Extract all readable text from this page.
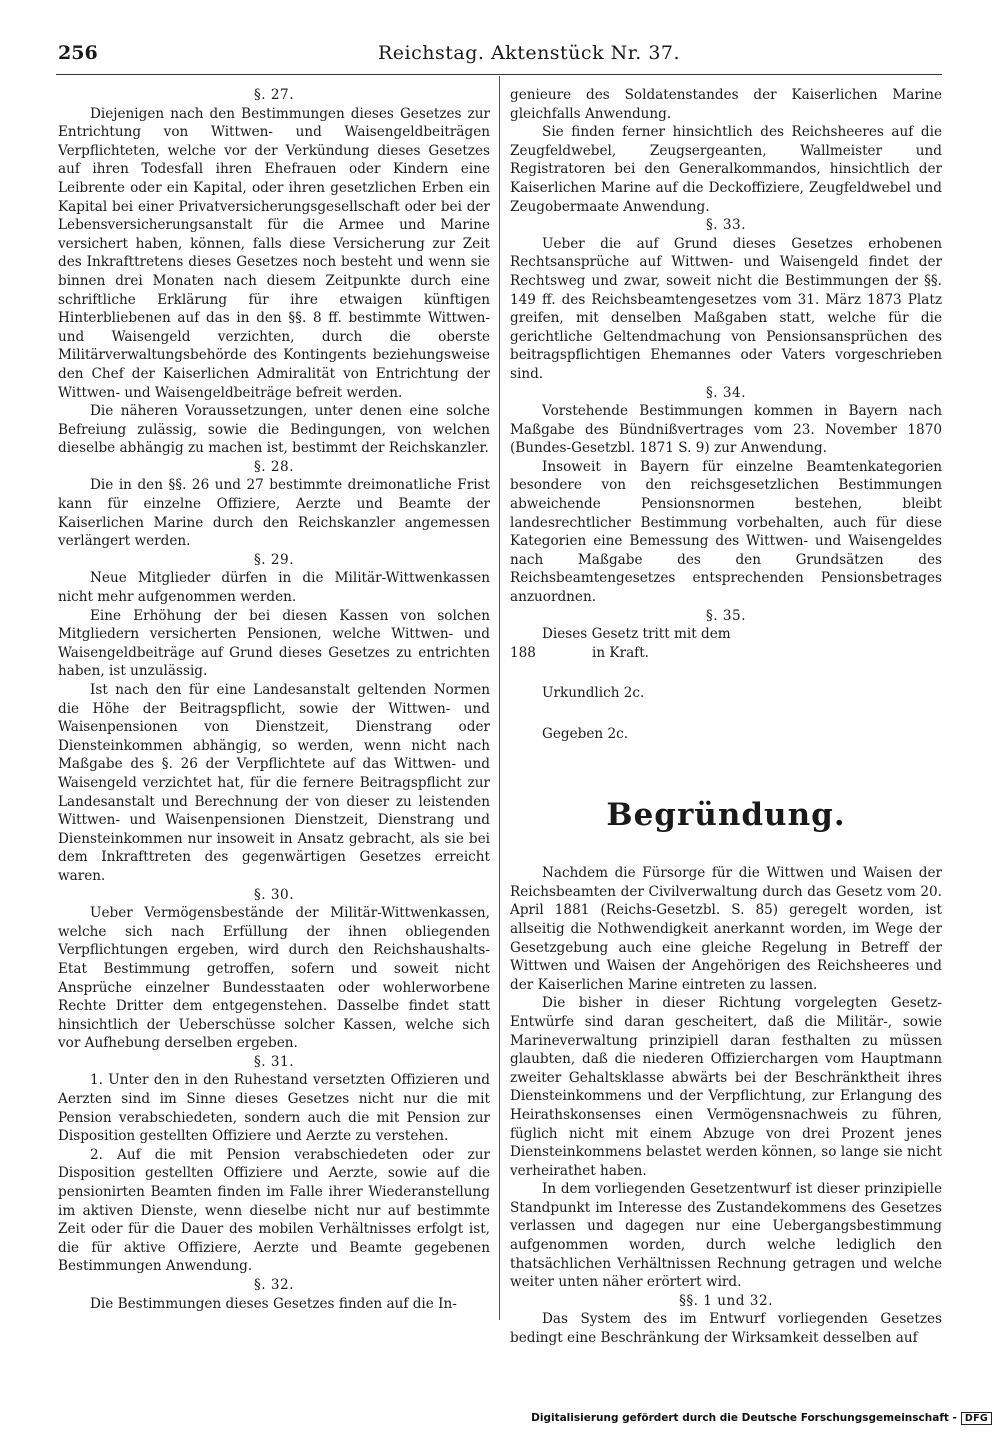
256	Reichstag. Aktenstück Nr. 37.

§. 27.

Diejenigen nach den Bestimmungen dieses Gesetzes zur Entrichtung von Wittwen- und Waisengeldbeiträgen Verpflichteten, welche vor der Verkündung dieses Gesetzes auf ihren Todesfall ihren Ehefrauen oder Kindern eine Leibrente oder ein Kapital, oder ihren gesetzlichen Erben ein Kapital bei einer Privatversicherungsgesellschaft oder bei der Lebensversicherungsanstalt für die Armee und Marine versichert haben, können, falls diese Versicherung zur Zeit des Inkrafttretens dieses Gesetzes noch besteht und wenn sie binnen drei Monaten nach diesem Zeitpunkte durch eine schriftliche Erklärung für ihre etwaigen künftigen Hinterbliebenen auf das in den §§. 8 ff. bestimmte Wittwen- und Waisengeld verzichten, durch die oberste Militärverwaltungsbehörde des Kontingents beziehungsweise den Chef der Kaiserlichen Admiralität von Entrichtung der Wittwen- und Waisengeldbeiträge befreit werden.

Die näheren Voraussetzungen, unter denen eine solche Befreiung zulässig, sowie die Bedingungen, von welchen dieselbe abhängig zu machen ist, bestimmt der Reichskanzler.

§. 28.

Die in den §§. 26 und 27 bestimmte dreimonatliche Frist kann für einzelne Offiziere, Aerzte und Beamte der Kaiserlichen Marine durch den Reichskanzler angemessen verlängert werden.

§. 29.

Neue Mitglieder dürfen in die Militär-Wittwenkassen nicht mehr aufgenommen werden.

Eine Erhöhung der bei diesen Kassen von solchen Mitgliedern versicherten Pensionen, welche Wittwen- und Waisengeldbeiträge auf Grund dieses Gesetzes zu entrichten haben, ist unzulässig.

Ist nach den für eine Landesanstalt geltenden Normen die Höhe der Beitragspflicht, sowie der Wittwen- und Waisenpensionen von Dienstzeit, Dienstrang oder Diensteinkommen abhängig, so werden, wenn nicht nach Maßgabe des §. 26 der Verpflichtete auf das Wittwen- und Waisengeld verzichtet hat, für die fernere Beitragspflicht zur Landesanstalt und Berechnung der von dieser zu leistenden Wittwen- und Waisenpensionen Dienstzeit, Dienstrang und Diensteinkommen nur insoweit in Ansatz gebracht, als sie bei dem Inkrafttreten des gegenwärtigen Gesetzes erreicht waren.

§. 30.

Ueber Vermögensbestände der Militär-Wittwenkassen, welche sich nach Erfüllung der ihnen obliegenden Verpflichtungen ergeben, wird durch den Reichshaushalts-Etat Bestimmung getroffen, sofern und soweit nicht Ansprüche einzelner Bundesstaaten oder wohlerworbene Rechte Dritter dem entgegenstehen. Dasselbe findet statt hinsichtlich der Ueberschüsse solcher Kassen, welche sich vor Aufhebung derselben ergeben.

§. 31.

1. Unter den in den Ruhestand versetzten Offizieren und Aerzten sind im Sinne dieses Gesetzes nicht nur die mit Pension verabschiedeten, sondern auch die mit Pension zur Disposition gestellten Offiziere und Aerzte zu verstehen.

2. Auf die mit Pension verabschiedeten oder zur Disposition gestellten Offiziere und Aerzte, sowie auf die pensionirten Beamten finden im Falle ihrer Wiederanstellung im aktiven Dienste, wenn dieselbe nicht nur auf bestimmte Zeit oder für die Dauer des mobilen Verhältnisses erfolgt ist, die für aktive Offiziere, Aerzte und Beamte gegebenen Bestimmungen Anwendung.

§. 32.

Die Bestimmungen dieses Gesetzes finden auf die In-

genieure des Soldatenstandes der Kaiserlichen Marine gleichfalls Anwendung.

Sie finden ferner hinsichtlich des Reichsheeres auf die Zeugfeldwebel, Zeugsergeanten, Wallmeister und Registratoren bei den Generalkommandos, hinsichtlich der Kaiserlichen Marine auf die Deckoffiziere, Zeugfeldwebel und Zeugobermaate Anwendung.

§. 33.

Ueber die auf Grund dieses Gesetzes erhobenen Rechtsansprüche auf Wittwen- und Waisengeld findet der Rechtsweg und zwar, soweit nicht die Bestimmungen der §§. 149 ff. des Reichsbeamtengesetzes vom 31. März 1873 Platz greifen, mit denselben Maßgaben statt, welche für die gerichtliche Geltendmachung von Pensionsansprüchen des beitragspflichtigen Ehemannes oder Vaters vorgeschrieben sind.

§. 34.

Vorstehende Bestimmungen kommen in Bayern nach Maßgabe des Bündnißvertrages vom 23. November 1870 (Bundes-Gesetzbl. 1871 S. 9) zur Anwendung.

Insoweit in Bayern für einzelne Beamtenkategorien besondere von den reichsgesetzlichen Bestimmungen abweichende Pensionsnormen bestehen, bleibt landesrechtlicher Bestimmung vorbehalten, auch für diese Kategorien eine Bemessung des Wittwen- und Waisengeldes nach Maßgabe des den Grundsätzen des Reichsbeamtengesetzes entsprechenden Pensionsbetrages anzuordnen.

§. 35.

Dieses Gesetz tritt mit dem

188	in Kraft.

Urkundlich 2c.

Gegeben 2c.

Begründung.

Nachdem die Fürsorge für die Wittwen und Waisen der Reichsbeamten der Civilverwaltung durch das Gesetz vom 20. April 1881 (Reichs-Gesetzbl. S. 85) geregelt worden, ist allseitig die Nothwendigkeit anerkannt worden, im Wege der Gesetzgebung auch eine gleiche Regelung in Betreff der Wittwen und Waisen der Angehörigen des Reichsheeres und der Kaiserlichen Marine eintreten zu lassen.

Die bisher in dieser Richtung vorgelegten Gesetz-Entwürfe sind daran gescheitert, daß die Militär-, sowie Marineverwaltung prinzipiell daran festhalten zu müssen glaubten, daß die niederen Offizierchargen vom Hauptmann zweiter Gehaltsklasse abwärts bei der Beschränktheit ihres Diensteinkommens und der Verpflichtung, zur Erlangung des Heirathskonsenses einen Vermögensnachweis zu führen, füglich nicht mit einem Abzuge von drei Prozent jenes Diensteinkommens belastet werden können, so lange sie nicht verheirathet haben.

In dem vorliegenden Gesetzentwurf ist dieser prinzipielle Standpunkt im Interesse des Zustandekommens des Gesetzes verlassen und dagegen nur eine Uebergangsbestimmung aufgenommen worden, durch welche lediglich den thatsächlichen Verhältnissen Rechnung getragen und welche weiter unten näher erörtert wird.

§§. 1 und 32.

Das System des im Entwurf vorliegenden Gesetzes bedingt eine Beschränkung der Wirksamkeit desselben auf

Digitalisierung gefördert durch die Deutsche Forschungsgemeinschaft - DFG
